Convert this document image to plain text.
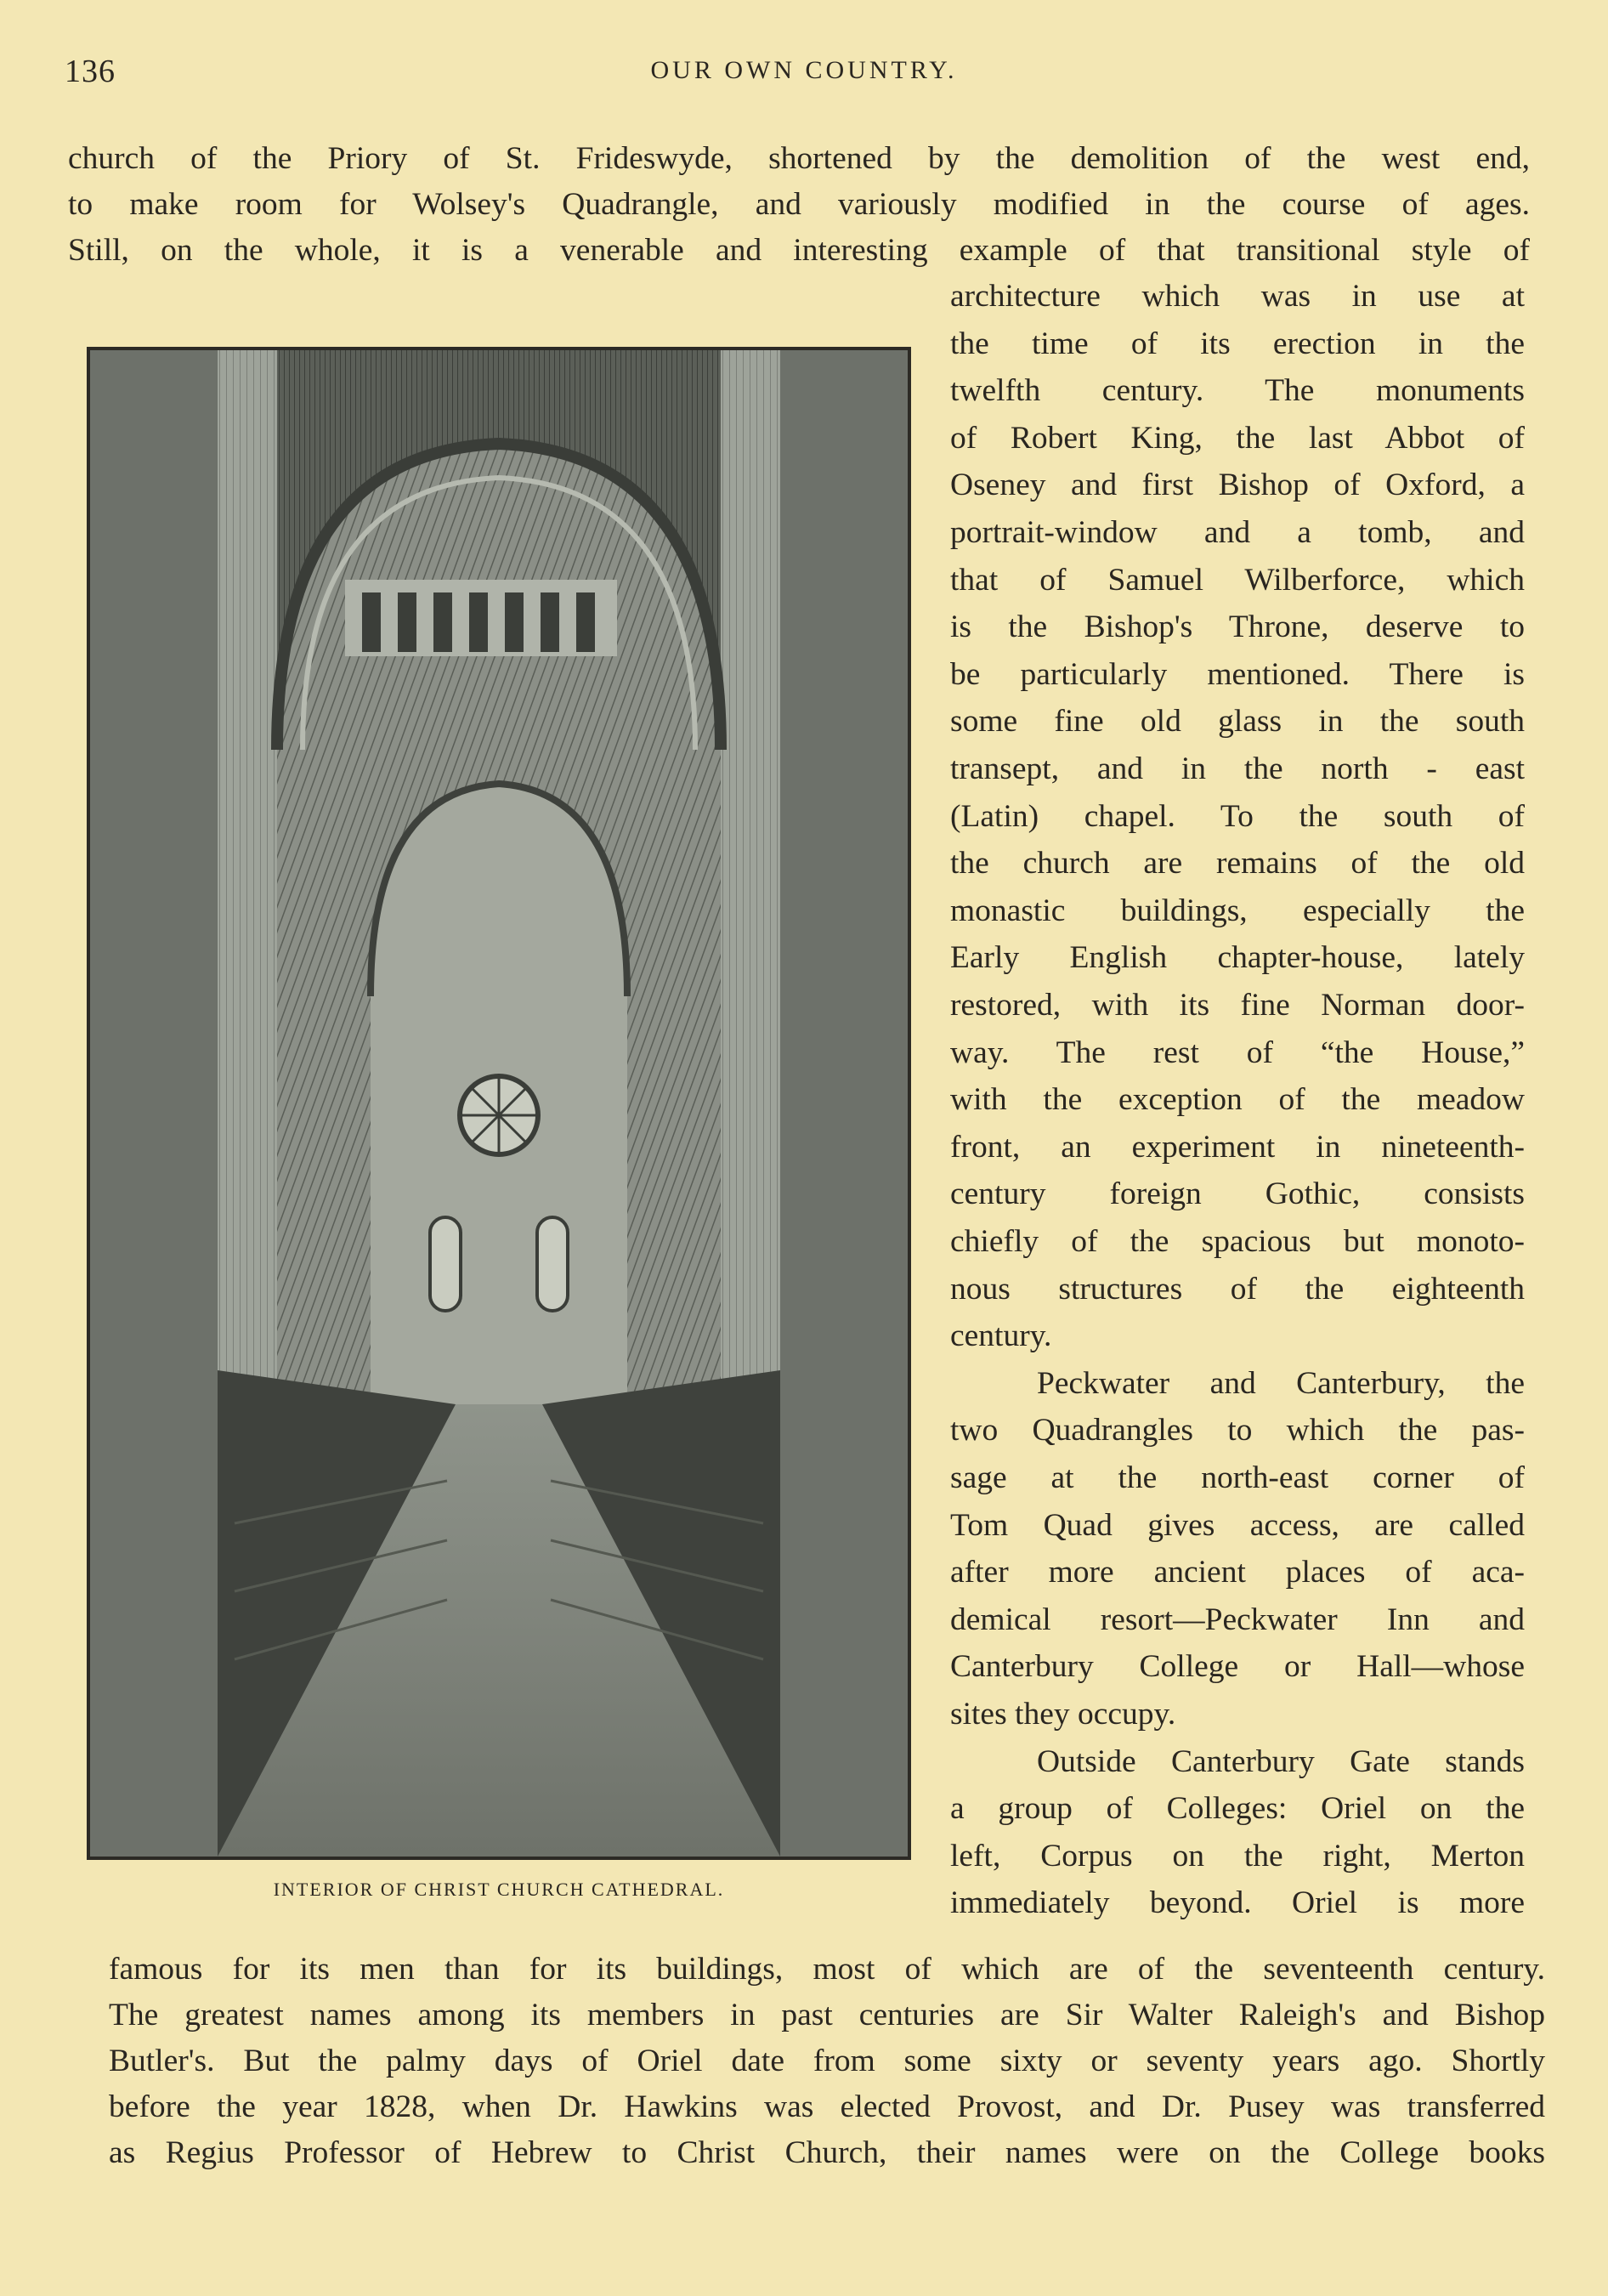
136	OUR OWN COUNTRY.
church of the Priory of St. Frideswyde, shortened by the demolition of the west end,
to make room for Wolsey's Quadrangle, and variously modified in the course of ages.
Still, on the whole, it is a venerable and interesting example of that transitional style of
architecture which was in use at
the time of its erection in the
twelfth century. The monuments
of Robert King, the last Abbot of
Oseney and first Bishop of Oxford, a
portrait-window and a tomb, and
that of Samuel Wilberforce, which
is the Bishop's Throne, deserve to
be particularly mentioned. There is
some fine old glass in the south
transept, and in the north - east
(Latin) chapel. To the south of
the church are remains of the old
monastic buildings, especially the
Early English chapter-house, lately
restored, with its fine Norman door-
way. The rest of “the House,”
with the exception of the meadow
front, an experiment in nineteenth-
century foreign Gothic, consists
chiefly of the spacious but monoto-
nous structures of the eighteenth
century.
Peckwater and Canterbury, the
two Quadrangles to which the pas-
sage at the north-east corner of
Tom Quad gives access, are called
after more ancient places of aca-
demical resort—Peckwater Inn and
Canterbury College or Hall—whose
sites they occupy.
Outside Canterbury Gate stands
a group of Colleges: Oriel on the
left, Corpus on the right, Merton
immediately beyond. Oriel is more
INTERIOR OF CHRIST CHURCH CATHEDRAL.
famous for its men than for its buildings, most of which are of the seventeenth century.
The greatest names among its members in past centuries are Sir Walter Raleigh's and Bishop
Butler's. But the palmy days of Oriel date from some sixty or seventy years ago. Shortly
before the year 1828, when Dr. Hawkins was elected Provost, and Dr. Pusey was transferred
as Regius Professor of Hebrew to Christ Church, their names were on the College books
